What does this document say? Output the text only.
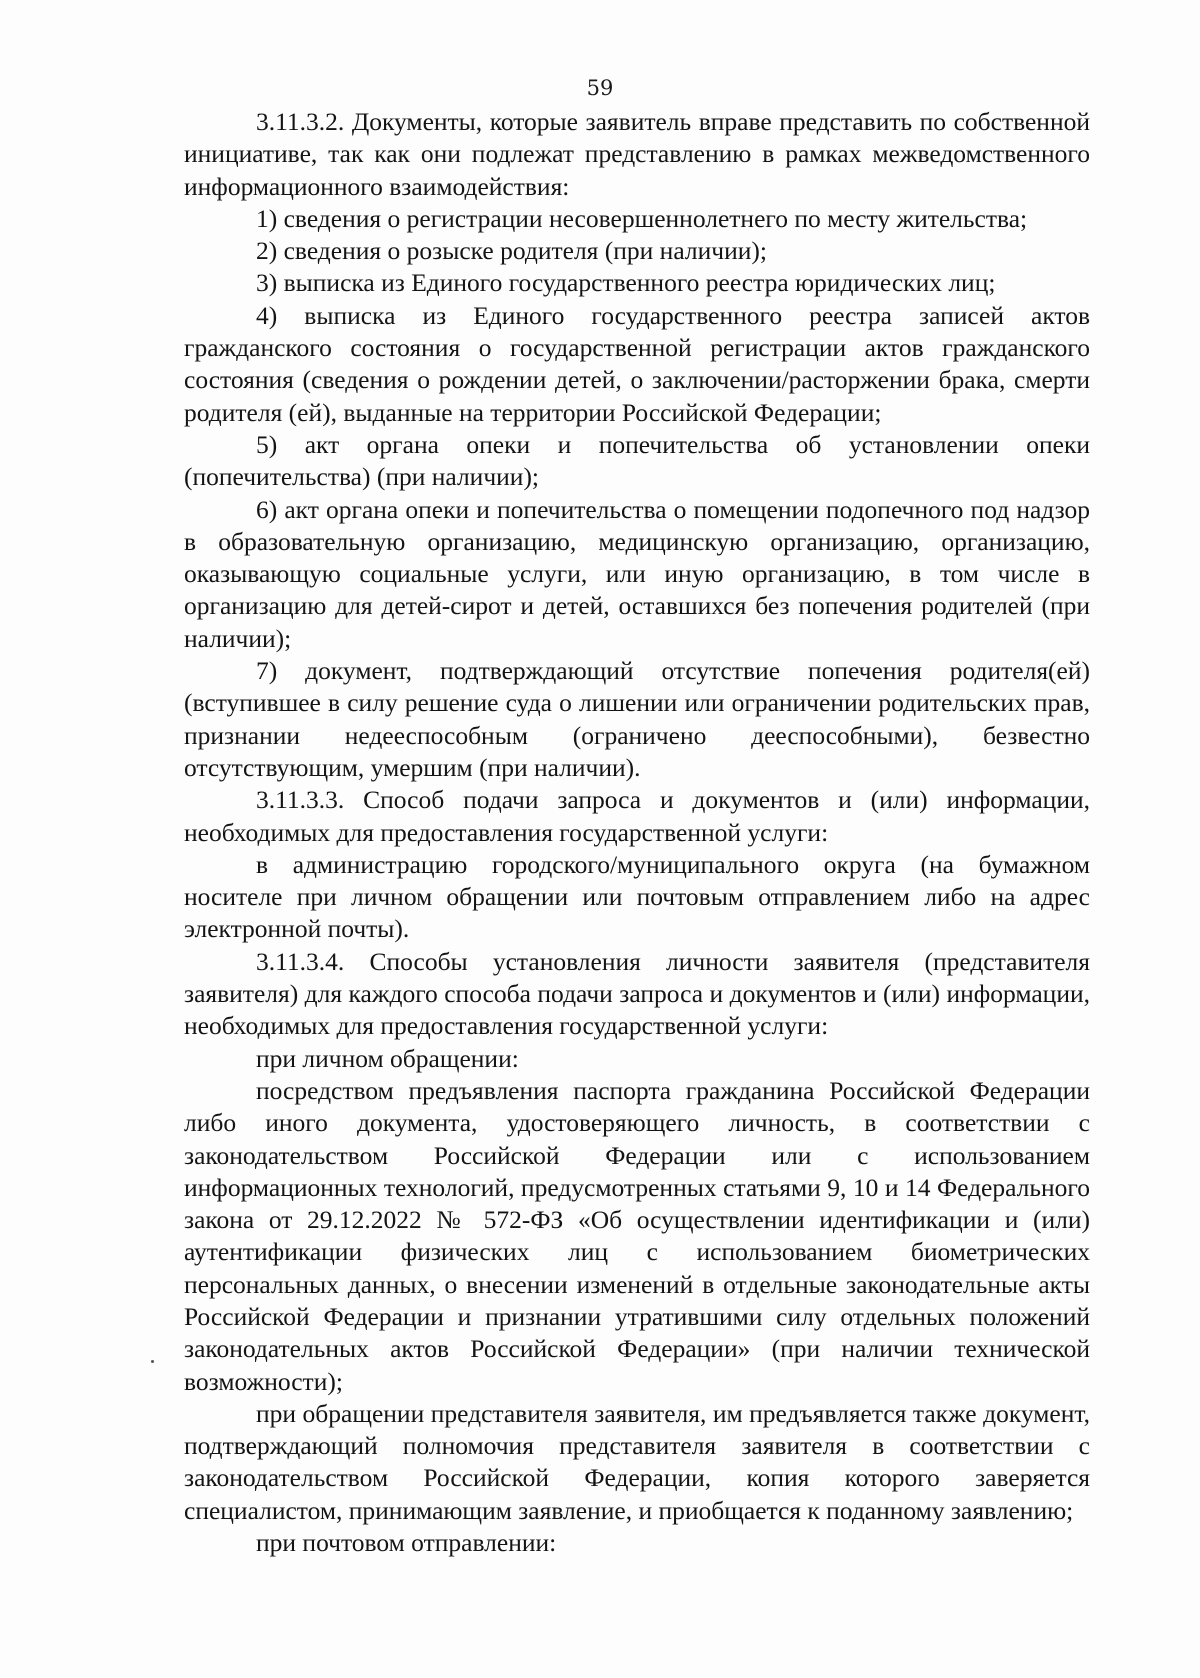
59

3.11.3.2. Документы, которые заявитель вправе представить по собственной инициативе, так как они подлежат представлению в рамках межведомственного информационного взаимодействия:

1) сведения о регистрации несовершеннолетнего по месту жительства;

2) сведения о розыске родителя (при наличии);

3) выписка из Единого государственного реестра юридических лиц;

4) выписка из Единого государственного реестра записей актов гражданского состояния о государственной регистрации актов гражданского состояния (сведения о рождении детей, о заключении/расторжении брака, смерти родителя (ей), выданные на территории Российской Федерации;

5) акт органа опеки и попечительства об установлении опеки (попечительства) (при наличии);

6) акт органа опеки и попечительства о помещении подопечного под надзор в образовательную организацию, медицинскую организацию, организацию, оказывающую социальные услуги, или иную организацию, в том числе в организацию для детей-сирот и детей, оставшихся без попечения родителей (при наличии);

7) документ, подтверждающий отсутствие попечения родителя(ей) (вступившее в силу решение суда о лишении или ограничении родительских прав, признании недееспособным (ограничено дееспособными), безвестно отсутствующим, умершим (при наличии).

3.11.3.3. Способ подачи запроса и документов и (или) информации, необходимых для предоставления государственной услуги:

в администрацию городского/муниципального округа (на бумажном носителе при личном обращении или почтовым отправлением либо на адрес электронной почты).

3.11.3.4. Способы установления личности заявителя (представителя заявителя) для каждого способа подачи запроса и документов и (или) информации, необходимых для предоставления государственной услуги:

при личном обращении:

посредством предъявления паспорта гражданина Российской Федерации либо иного документа, удостоверяющего личность, в соответствии с законодательством Российской Федерации или с использованием информационных технологий, предусмотренных статьями 9, 10 и 14 Федерального закона от 29.12.2022 № 572-ФЗ «Об осуществлении идентификации и (или) аутентификации физических лиц с использованием биометрических персональных данных, о внесении изменений в отдельные законодательные акты Российской Федерации и признании утратившими силу отдельных положений законодательных актов Российской Федерации» (при наличии технической возможности);

при обращении представителя заявителя, им предъявляется также документ, подтверждающий полномочия представителя заявителя в соответствии с законодательством Российской Федерации, копия которого заверяется специалистом, принимающим заявление, и приобщается к поданному заявлению;

при почтовом отправлении:
